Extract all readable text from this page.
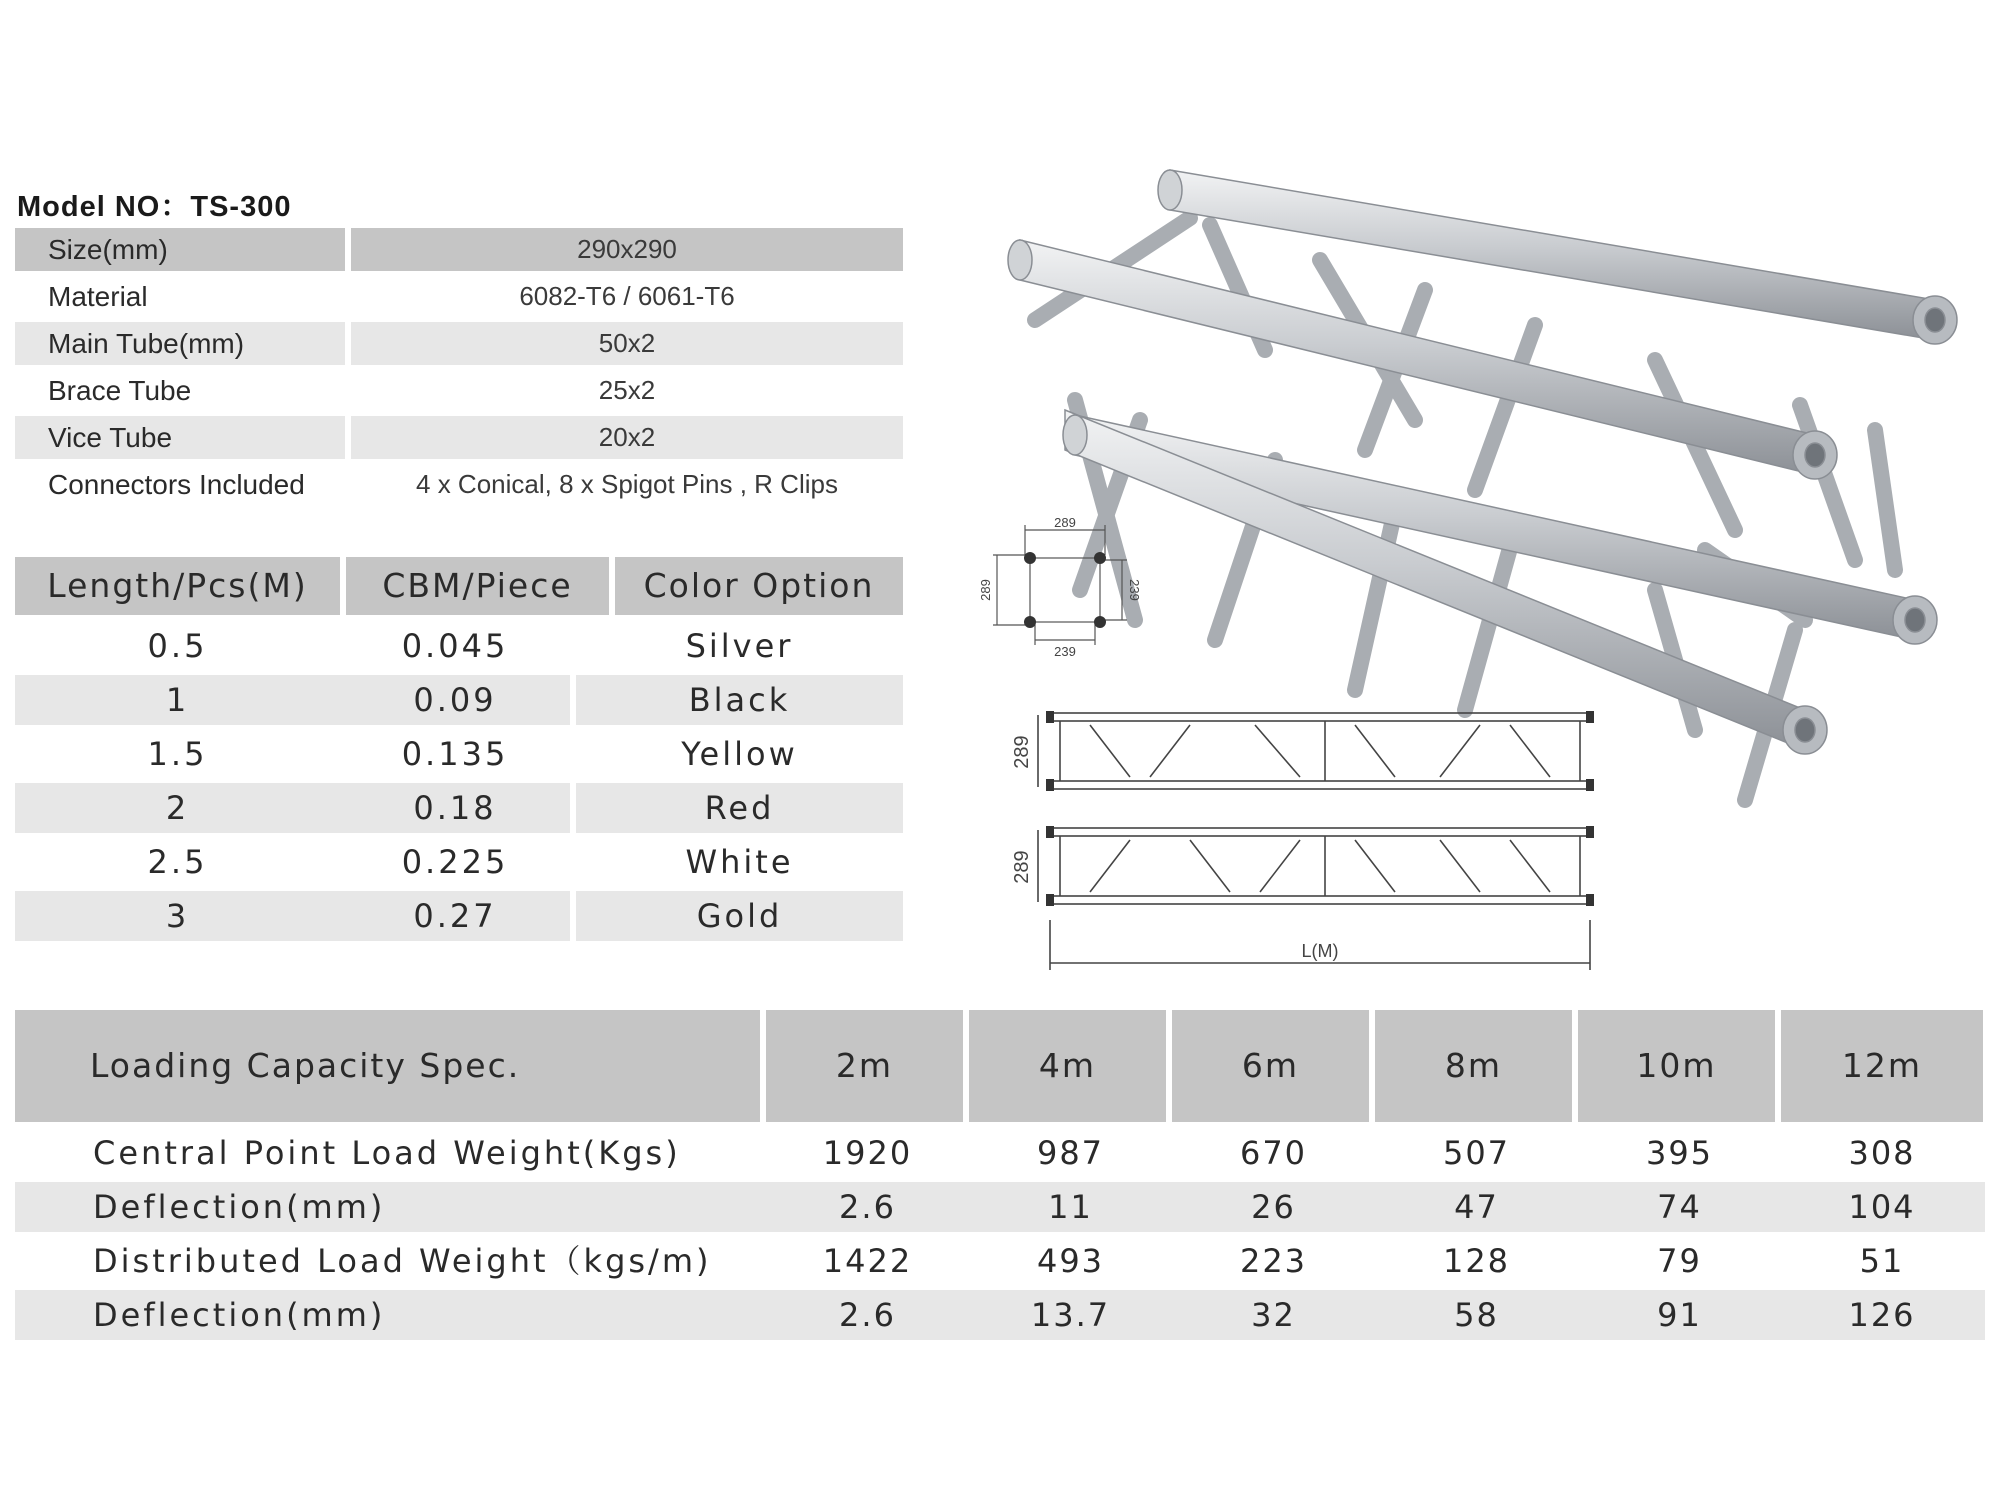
Model NO：TS-300
Size(mm)	290x290
Material	6082-T6 / 6061-T6
Main Tube(mm)	50x2
Brace Tube	25x2
Vice Tube	20x2
Connectors Included	4 x Conical, 8 x Spigot Pins , R Clips
Length/Pcs(M)	CBM/Piece	Color Option
0.5	0.045	Silver
1	0.09	Black
1.5	0.135	Yellow
2	0.18	Red
2.5	0.225	White
3	0.27	Gold
289
239
289	239
289
289
L(M)
Loading Capacity Spec.	2m	4m	6m	8m	10m	12m
Central Point Load Weight(Kgs)	1920	987	670	507	395	308
Deflection(mm)	2.6	11	26	47	74	104
Distributed Load Weight（kgs/m)	1422	493	223	128	79	51
Deflection(mm)	2.6	13.7	32	58	91	126
